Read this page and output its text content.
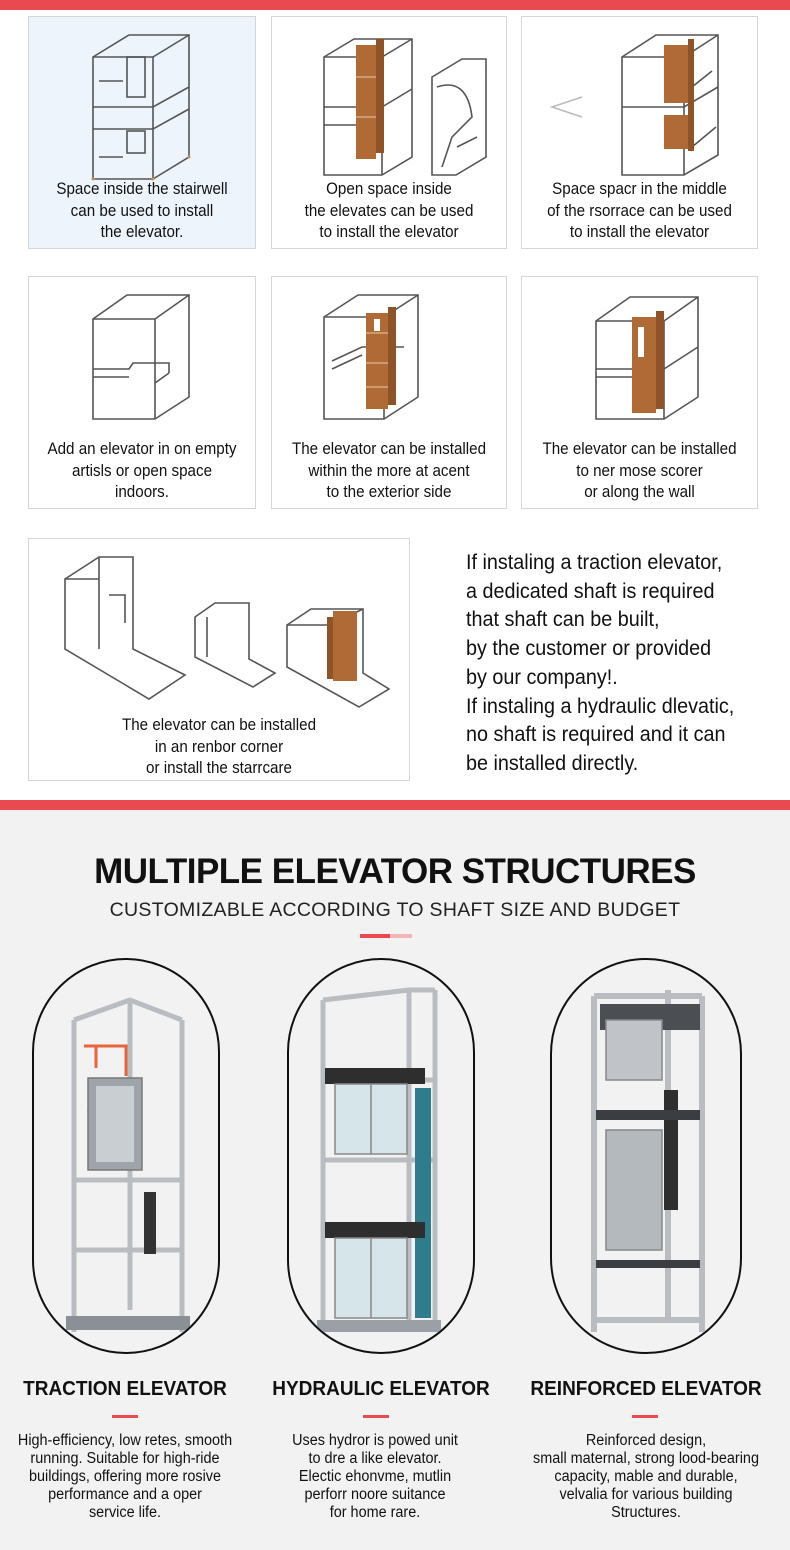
Space inside the stairwell
can be used to install
the elevator.
Open space inside
the elevates can be used
to install the elevator
Space spacr in the middle
of the rsorrace can be used
to install the elevator
Add an elevator in on empty
artisls or open space
indoors.
The elevator can be installed
within the more at acent
to the exterior side
The elevator can be installed
to ner mose scorer
or along the wall
The elevator can be installed
in an renbor corner
or install the starrcare
If instaling a traction elevator,
a dedicated shaft is required
that shaft can be built,
by the customer or provided
by our company!.
If instaling a hydraulic dlevatic,
no shaft is required and it can
be installed directly.
MULTIPLE ELEVATOR STRUCTURES
CUSTOMIZABLE ACCORDING TO SHAFT SIZE AND BUDGET
TRACTION ELEVATOR	HYDRAULIC ELEVATOR	REINFORCED ELEVATOR
High-efficiency, low retes, smooth
running. Suitable for high-ride
buildings, offering more rosive
performance and a oper
service life.
Uses hydror is powed unit
to dre a like elevator.
Electic ehonvme, mutlin
perforr noore suitance
for home rare.
Reinforced design,
small maternal, strong lood-bearing
capacity, mable and durable,
velvalia for various building
Structures.
